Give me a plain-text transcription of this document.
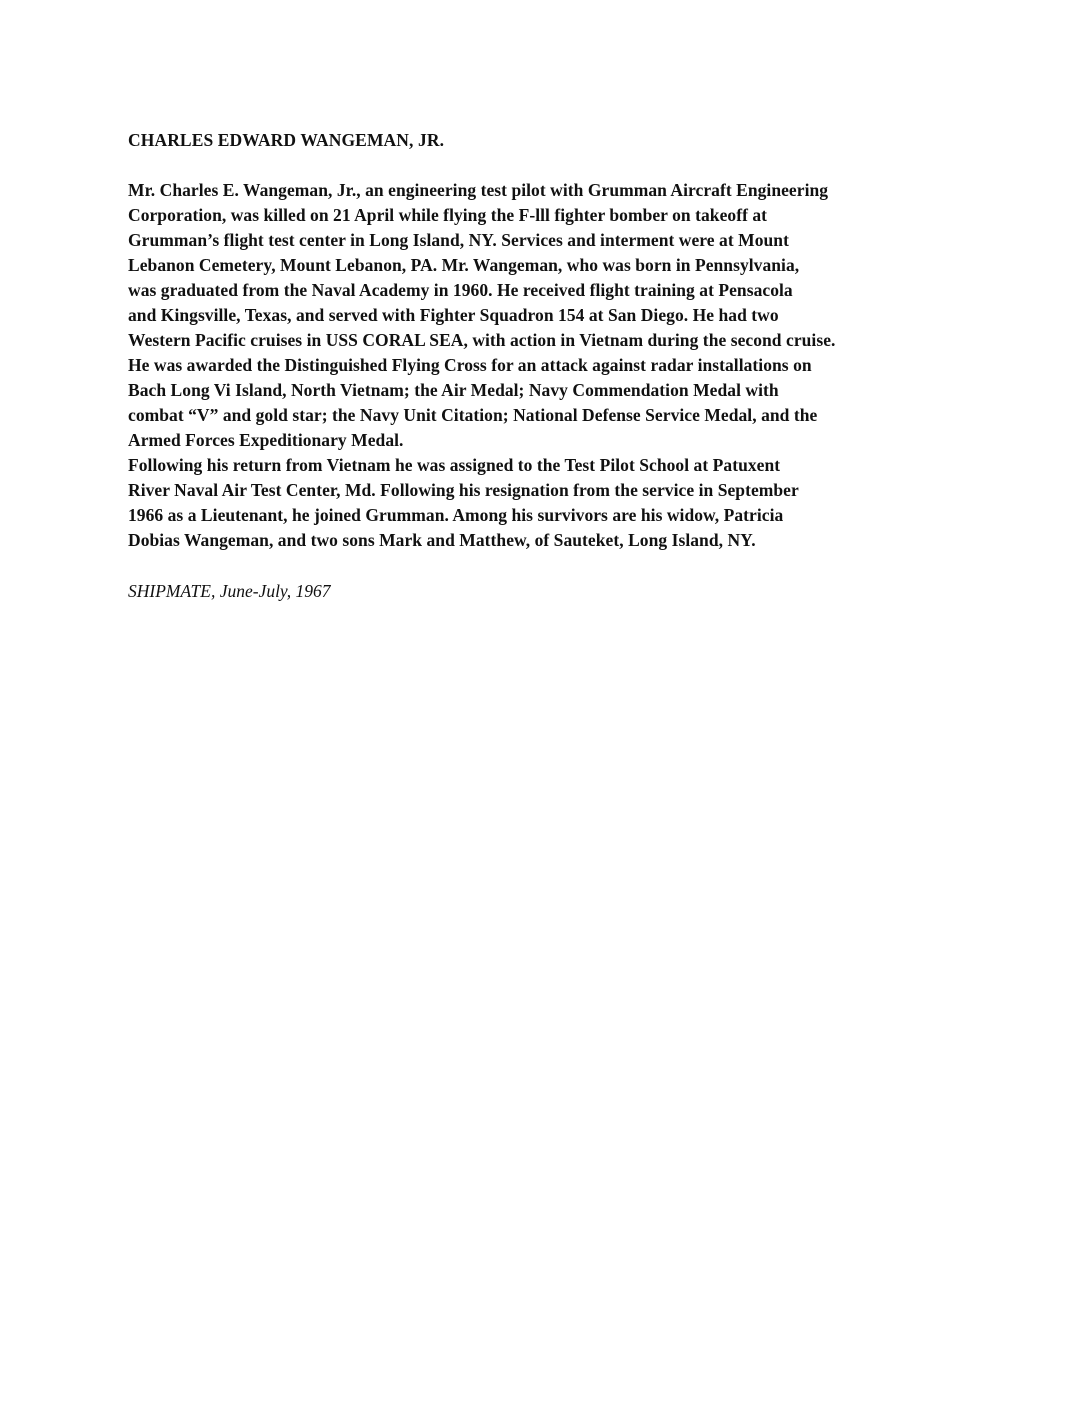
CHARLES EDWARD WANGEMAN, JR.

Mr. Charles E. Wangeman, Jr., an engineering test pilot with Grumman Aircraft Engineering
Corporation, was killed on 21 April while flying the F-lll fighter bomber on takeoff at
Grumman’s flight test center in Long Island, NY. Services and interment were at Mount
Lebanon Cemetery, Mount Lebanon, PA. Mr. Wangeman, who was born in Pennsylvania,
was graduated from the Naval Academy in 1960. He received flight training at Pensacola
and Kingsville, Texas, and served with Fighter Squadron 154 at San Diego. He had two
Western Pacific cruises in USS CORAL SEA, with action in Vietnam during the second cruise.
He was awarded the Distinguished Flying Cross for an attack against radar installations on
Bach Long Vi Island, North Vietnam; the Air Medal; Navy Commendation Medal with
combat “V” and gold star; the Navy Unit Citation; National Defense Service Medal, and the
Armed Forces Expeditionary Medal.

Following his return from Vietnam he was assigned to the Test Pilot School at Patuxent
River Naval Air Test Center, Md. Following his resignation from the service in September
1966 as a Lieutenant, he joined Grumman. Among his survivors are his widow, Patricia
Dobias Wangeman, and two sons Mark and Matthew, of Sauteket, Long Island, NY.

SHIPMATE, June-July, 1967
